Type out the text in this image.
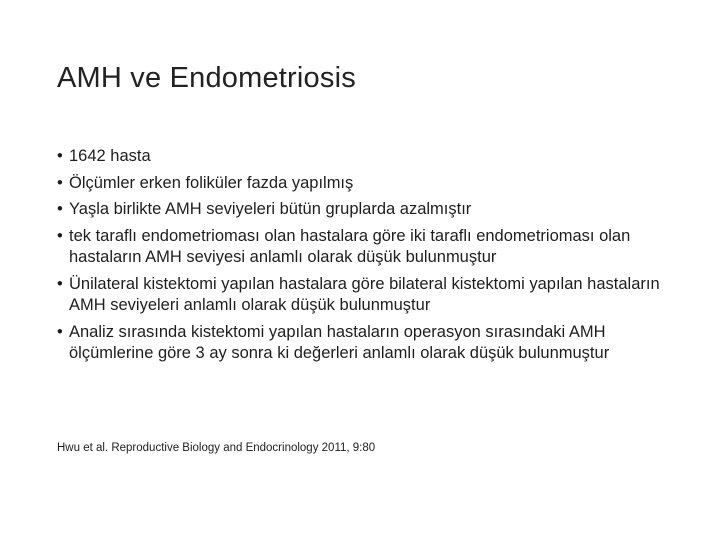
AMH ve Endometriosis
• 1642 hasta
• Ölçümler erken foliküler fazda yapılmış
• Yaşla birlikte AMH seviyeleri bütün gruplarda azalmıştır
• tek taraflı endometrioması olan hastalara göre iki taraflı endometrioması olan hastaların AMH seviyesi anlamlı olarak düşük bulunmuştur
• Ünilateral kistektomi yapılan hastalara göre bilateral kistektomi yapılan hastaların AMH seviyeleri anlamlı olarak düşük bulunmuştur
• Analiz sırasında kistektomi yapılan hastaların operasyon sırasındaki AMH ölçümlerine göre 3 ay sonra ki değerleri anlamlı olarak düşük bulunmuştur
Hwu et al. Reproductive Biology and Endocrinology 2011, 9:80
